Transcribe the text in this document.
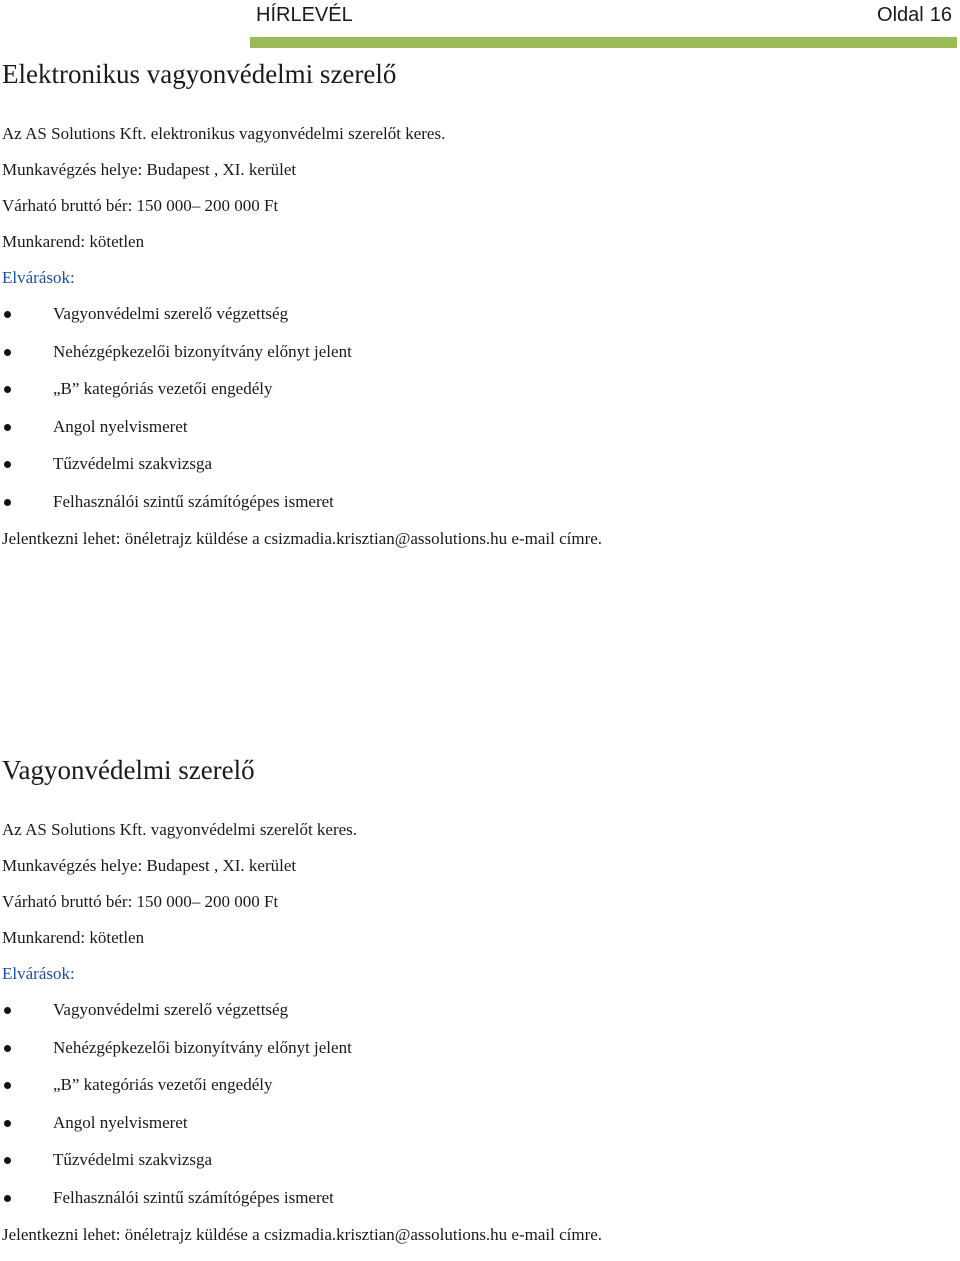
HÍRLEVÉL	Oldal 16
Elektronikus vagyonvédelmi szerelő
Az AS Solutions Kft. elektronikus vagyonvédelmi szerelőt keres.
Munkavégzés helye: Budapest , XI. kerület
Várható bruttó bér: 150 000– 200 000 Ft
Munkarend: kötetlen
Elvárások:
Vagyonvédelmi szerelő végzettség
Nehézgépkezelői bizonyítvány előnyt jelent
„B” kategóriás vezetői engedély
Angol nyelvismeret
Tűzvédelmi szakvizsga
Felhasználói szintű számítógépes ismeret
Jelentkezni lehet: önéletrajz küldése a csizmadia.krisztian@assolutions.hu e-mail címre.
Vagyonvédelmi szerelő
Az AS Solutions Kft. vagyonvédelmi szerelőt keres.
Munkavégzés helye: Budapest , XI. kerület
Várható bruttó bér: 150 000– 200 000 Ft
Munkarend: kötetlen
Elvárások:
Vagyonvédelmi szerelő végzettség
Nehézgépkezelői bizonyítvány előnyt jelent
„B” kategóriás vezetői engedély
Angol nyelvismeret
Tűzvédelmi szakvizsga
Felhasználói szintű számítógépes ismeret
Jelentkezni lehet: önéletrajz küldése a csizmadia.krisztian@assolutions.hu e-mail címre.
